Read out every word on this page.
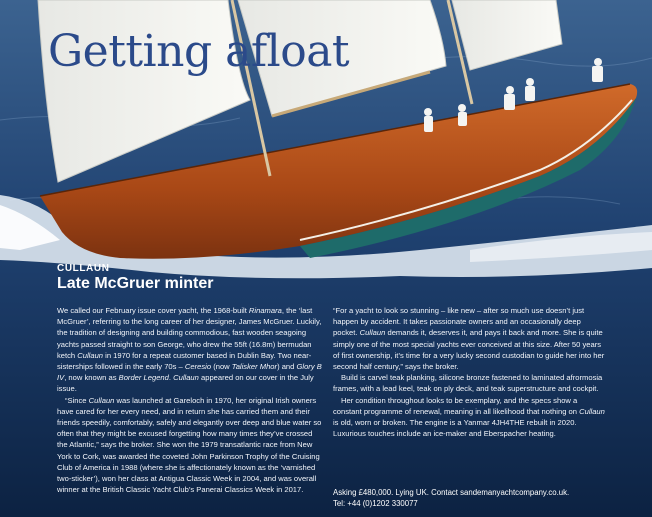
Getting afloat
CULLAUN
Late McGruer minter

We called our February issue cover yacht, the 1968-built Rinamara, the ‘last McGruer’, referring to the long career of her designer, James McGruer. Luckily, the tradition of designing and building commodious, fast wooden seagoing yachts passed straight to son George, who drew the 55ft (16.8m) bermudan ketch Cullaun in 1970 for a repeat customer based in Dublin Bay. Two near-sisterships followed in the early 70s – Ceresio (now Talisker Mhor) and Glory B IV, now known as Border Legend. Cullaun appeared on our cover in the July issue.

“Since Cullaun was launched at Gareloch in 1970, her original Irish owners have cared for her every need, and in return she has carried them and their friends speedily, comfortably, safely and elegantly over deep and blue water so often that they might be excused forgetting how many times they’ve crossed the Atlantic,” says the broker. She won the 1979 transatlantic race from New York to Cork, was awarded the coveted John Parkinson Trophy of the Cruising Club of America in 1988 (where she is affectionately known as the ‘varnished two-sticker’), won her class at Antigua Classic Week in 2004, and was overall winner at the British Classic Yacht Club’s Panerai Classics Week in 2017.

“For a yacht to look so stunning – like new – after so much use doesn’t just happen by accident. It takes passionate owners and an occasionally deep pocket. Cullaun demands it, deserves it, and pays it back and more. She is quite simply one of the most special yachts ever conceived at this size. After 50 years of first ownership, it’s time for a very lucky second custodian to guide her into her second half century,” says the broker.

Build is carvel teak planking, silicone bronze fastened to laminated afrormosia frames, with a lead keel, teak on ply deck, and teak superstructure and cockpit.

Her condition throughout looks to be exemplary, and the specs show a constant programme of renewal, meaning in all likelihood that nothing on Cullaun is old, worn or broken. The engine is a Yanmar 4JH4THE rebuilt in 2020. Luxurious touches include an ice-maker and Eberspacher heating.

Asking £480,000. Lying UK. Contact sandemanyachtcompany.co.uk.
Tel: +44 (0)1202 330077
